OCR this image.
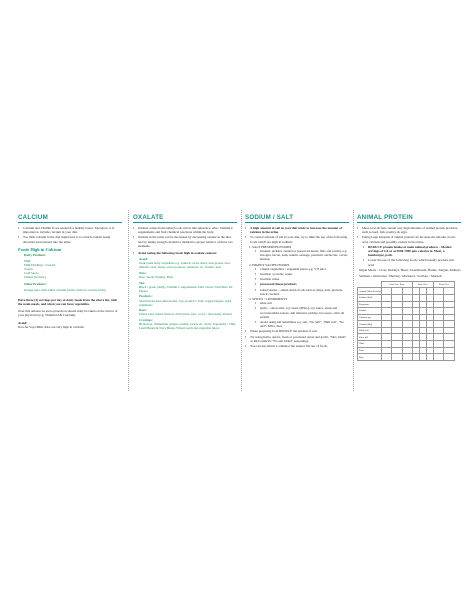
CALCIUM
▪ Calcium and Vitamin D are needed for healthy bones. Therefore, it is important to include calcium in your diet.
▪ Too little calcium in the diet might lead to too much oxalate being absorbed and released into the urine.
Foods High in Calcium
Dairy Products
Milk
Milk Puddings / Custard
Yogurt
Cold Sauce
Cheese (in mod.)
Other Products:
Orange juice with added calcium (better with low oxalate fruits)
Have three (3) servings per day of dairy foods from the above list, with the main meals, and when you can have vegetables.
Over this amount no extra protection should risky be taken on the advice of your physician (e.g. Vitamin D & Calcium).
Avoid:
Non-fat Soya Milk, Rice are very high in calcium.
OXALATE
▪ Oxalate comes from eating foods rich in this substance. Also, Vitamin C supplements and fruit chemical reactions within the body.
▪ Oxalate in the urine can be decreased by decreasing oxalate in the diet, and by taking enough calcium to maintain a proper balance of these two elements.
▪ Avoid eating the following foods high in oxalate content:
Avoid:
Dark green leafy vegetables e.g. spinach, swiss chard, beet greens, beet, rhubarb, okra, beans, sweet potatoes, tomatoes, etc. Peanut, nuts
Nuts:
Raw, Seeds, Peanuts, Bran
Tea:
Black / green (daily), Vitamin C supplements, Diet Cereal, Fruit Bars, Dr. Pepper
Products:
Strawberries and other berries, Soy products: Tofu, veggie burgers, meat substitutes
Rare:
Wheat bran, baked desserts, Fruit juices (raw, cocoa / chocolate), Parsley
Cravings:
Herbal tea, chamomile, ginger, rosehip, peach, etc. Spicy Vegetables / Chili, Lentil Beans & Navy Beans, Wheat Germ and vegetable juices
SODIUM / SALT
▪ A high amount of salt in your diet tends to increase the amount of calcium in the urine.
▪ To control amount of salt in your diet, try to limit the use of the following foods which are high in sodium:
1. SALT PRESERVED FOODS
▪ smoked, pickled, canned or preserved meats, fish, and poultry e.g. bologna, bacon, ham, salami, sausage, pastrami, anchovies, caviar, herring
2. HIGHLY SALTED FOODS
▪ canned vegetables / vegetable juices e.g. V-8 juice
▪ bouillon / powder, soups
▪ bouillon cubes
▪ processed cheese products
▪ salted snacks – salted snack foods such as chips, nuts, pretzels, snack crackers
3. SPICES / CONDIMENTS
▪ table salt
▪ garlic / onion salts, soy sauce (MSG), soy sauce, steak and worcestershire sauces, deli mustard, pickles, hot sauce, olive oil pickles
▪ Avoid using salt substitutes e.g. salt, "No Salt", "Half salt", "No add", MSG, lites
▪ When preparing food REDUCE the amount of salt.
▪ Try using herbs, spices, fresh or powdered onion and garlic, "Mrs. Dash" or McCormick's "No salt added" seasonings.
▪ You can use lemon to enhance the natural flavour of foods.
ANIMAL PROTEIN
▪ Meat, fowl & fish contain very high amounts of animal protein products, such as beef, fish, poultry, & eggs.
▪ Eating large amounts of animal protein can increase the amount of uric acid, calcium and possibly oxalate in the urine.
▪ REDUCE protein intake at main animal products – Modest servings of 4-6 oz at 5000-7000 gms calories ie. Meat, a hamburger, pork.
▪ Lower the use of the following foods, which usually produce uric acid:
Organ Meats – Liver, Kidneys, Heart, Sweetbreads, Brains, Tongue, Kidneys
Sardines / Anchovies / Herring / Mackerel / Scallops / Mussels
	Error Free Row			Error Free			Error Free	
Animal (Meat Protein)								
Sodium (Salt)								
Potassium								
Oxalate								
Calcium mg								
Vitamin (Mg)								
Fluid (ml)								
Urine pH								
Other								
Total								
Date								
